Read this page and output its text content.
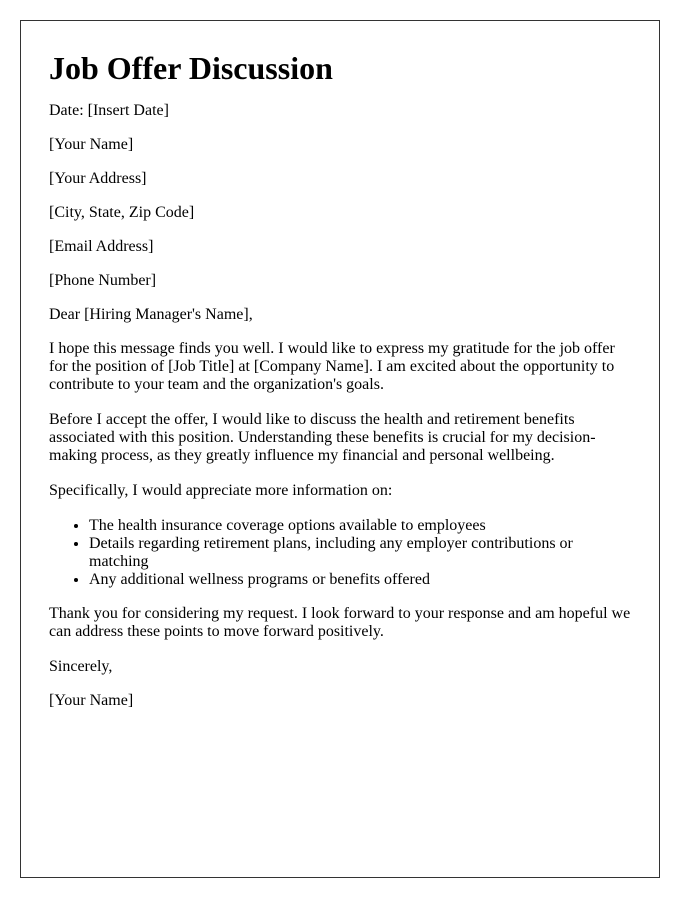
Job Offer Discussion

Date: [Insert Date]

[Your Name]

[Your Address]

[City, State, Zip Code]

[Email Address]

[Phone Number]

Dear [Hiring Manager's Name],

I hope this message finds you well. I would like to express my gratitude for the job offer for the position of [Job Title] at [Company Name]. I am excited about the opportunity to contribute to your team and the organization's goals.

Before I accept the offer, I would like to discuss the health and retirement benefits associated with this position. Understanding these benefits is crucial for my decision-making process, as they greatly influence my financial and personal wellbeing.

Specifically, I would appreciate more information on:

• The health insurance coverage options available to employees
• Details regarding retirement plans, including any employer contributions or matching
• Any additional wellness programs or benefits offered

Thank you for considering my request. I look forward to your response and am hopeful we can address these points to move forward positively.

Sincerely,

[Your Name]
